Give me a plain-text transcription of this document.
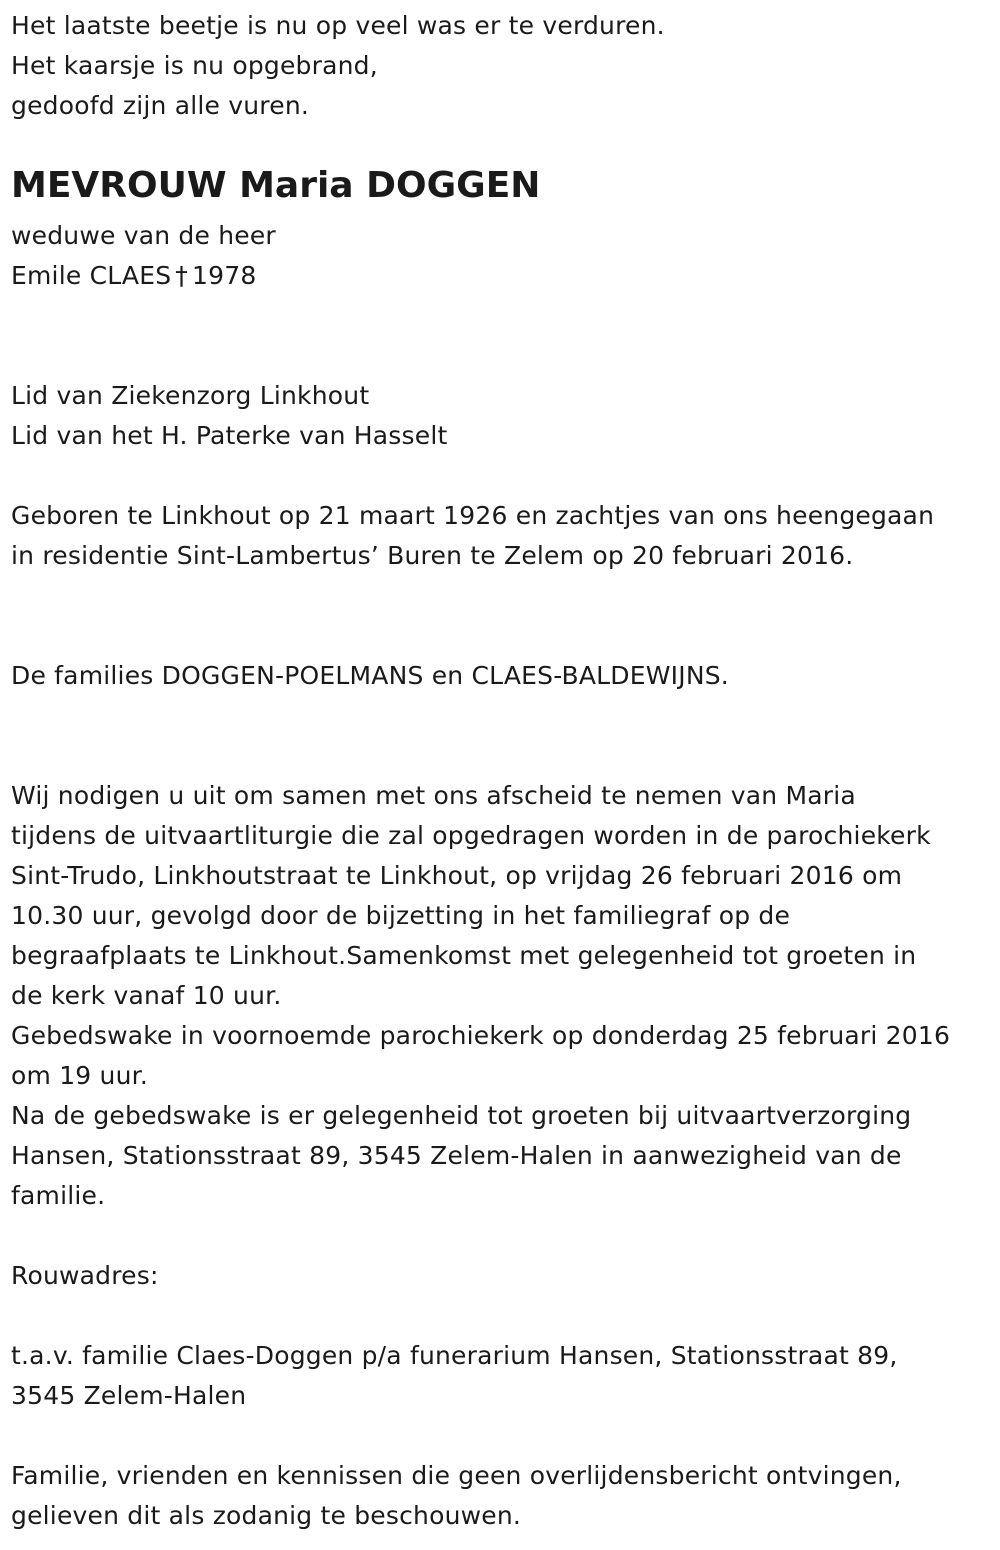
Het laatste beetje is nu op veel was er te verduren.
Het kaarsje is nu opgebrand,
gedoofd zijn alle vuren.
MEVROUW Maria DOGGEN
weduwe van de heer
Emile CLAES † 1978
Lid van Ziekenzorg Linkhout
Lid van het H. Paterke van Hasselt
Geboren te Linkhout op 21 maart 1926 en zachtjes van ons heengegaan
in residentie Sint-Lambertus’ Buren te Zelem op 20 februari 2016.
De families DOGGEN-POELMANS en CLAES-BALDEWIJNS.
Wij nodigen u uit om samen met ons afscheid te nemen van Maria
tijdens de uitvaartliturgie die zal opgedragen worden in de parochiekerk
Sint-Trudo, Linkhoutstraat te Linkhout, op vrijdag 26 februari 2016 om
10.30 uur, gevolgd door de bijzetting in het familiegraf op de
begraafplaats te Linkhout.Samenkomst met gelegenheid tot groeten in
de kerk vanaf 10 uur.
Gebedswake in voornoemde parochiekerk op donderdag 25 februari 2016
om 19 uur.
Na de gebedswake is er gelegenheid tot groeten bij uitvaartverzorging
Hansen, Stationsstraat 89, 3545 Zelem-Halen in aanwezigheid van de
familie.
Rouwadres:
t.a.v. familie Claes-Doggen p/a funerarium Hansen, Stationsstraat 89,
3545 Zelem-Halen
Familie, vrienden en kennissen die geen overlijdensbericht ontvingen,
gelieven dit als zodanig te beschouwen.
